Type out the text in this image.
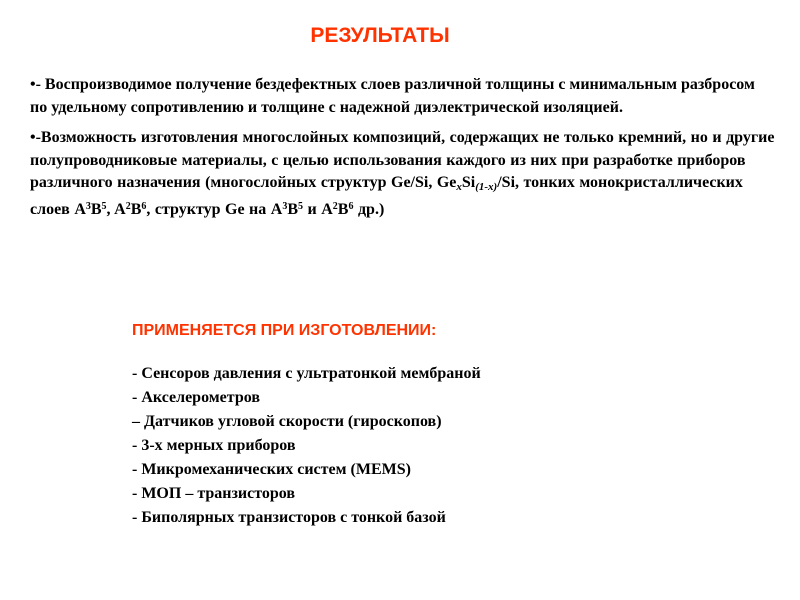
РЕЗУЛЬТАТЫ

•- Воспроизводимое получение бездефектных слоев различной толщины с минимальным разбросом по удельному сопротивлению и толщине с надежной диэлектрической изоляцией.

•-Возможность изготовления многослойных композиций, содержащих не только кремний, но и другие полупроводниковые материалы, с целью использования каждого из них при разработке приборов различного назначения (многослойных структур Ge/Si, $Ge_xSi_{(1-x)}/Si$, тонких монокристаллических слоев $A^3B^5$, $A^2B^6$, структур Ge на $A^3B^5$ и $A^2B^6$ др.)

ПРИМЕНЯЕТСЯ ПРИ ИЗГОТОВЛЕНИИ:
- Сенсоров давления с ультратонкой мембраной
- Акселерометров
– Датчиков угловой скорости (гироскопов)
- 3-х мерных приборов
- Микромеханических систем (MEMS)
- МОП – транзисторов
- Биполярных транзисторов с тонкой базой
